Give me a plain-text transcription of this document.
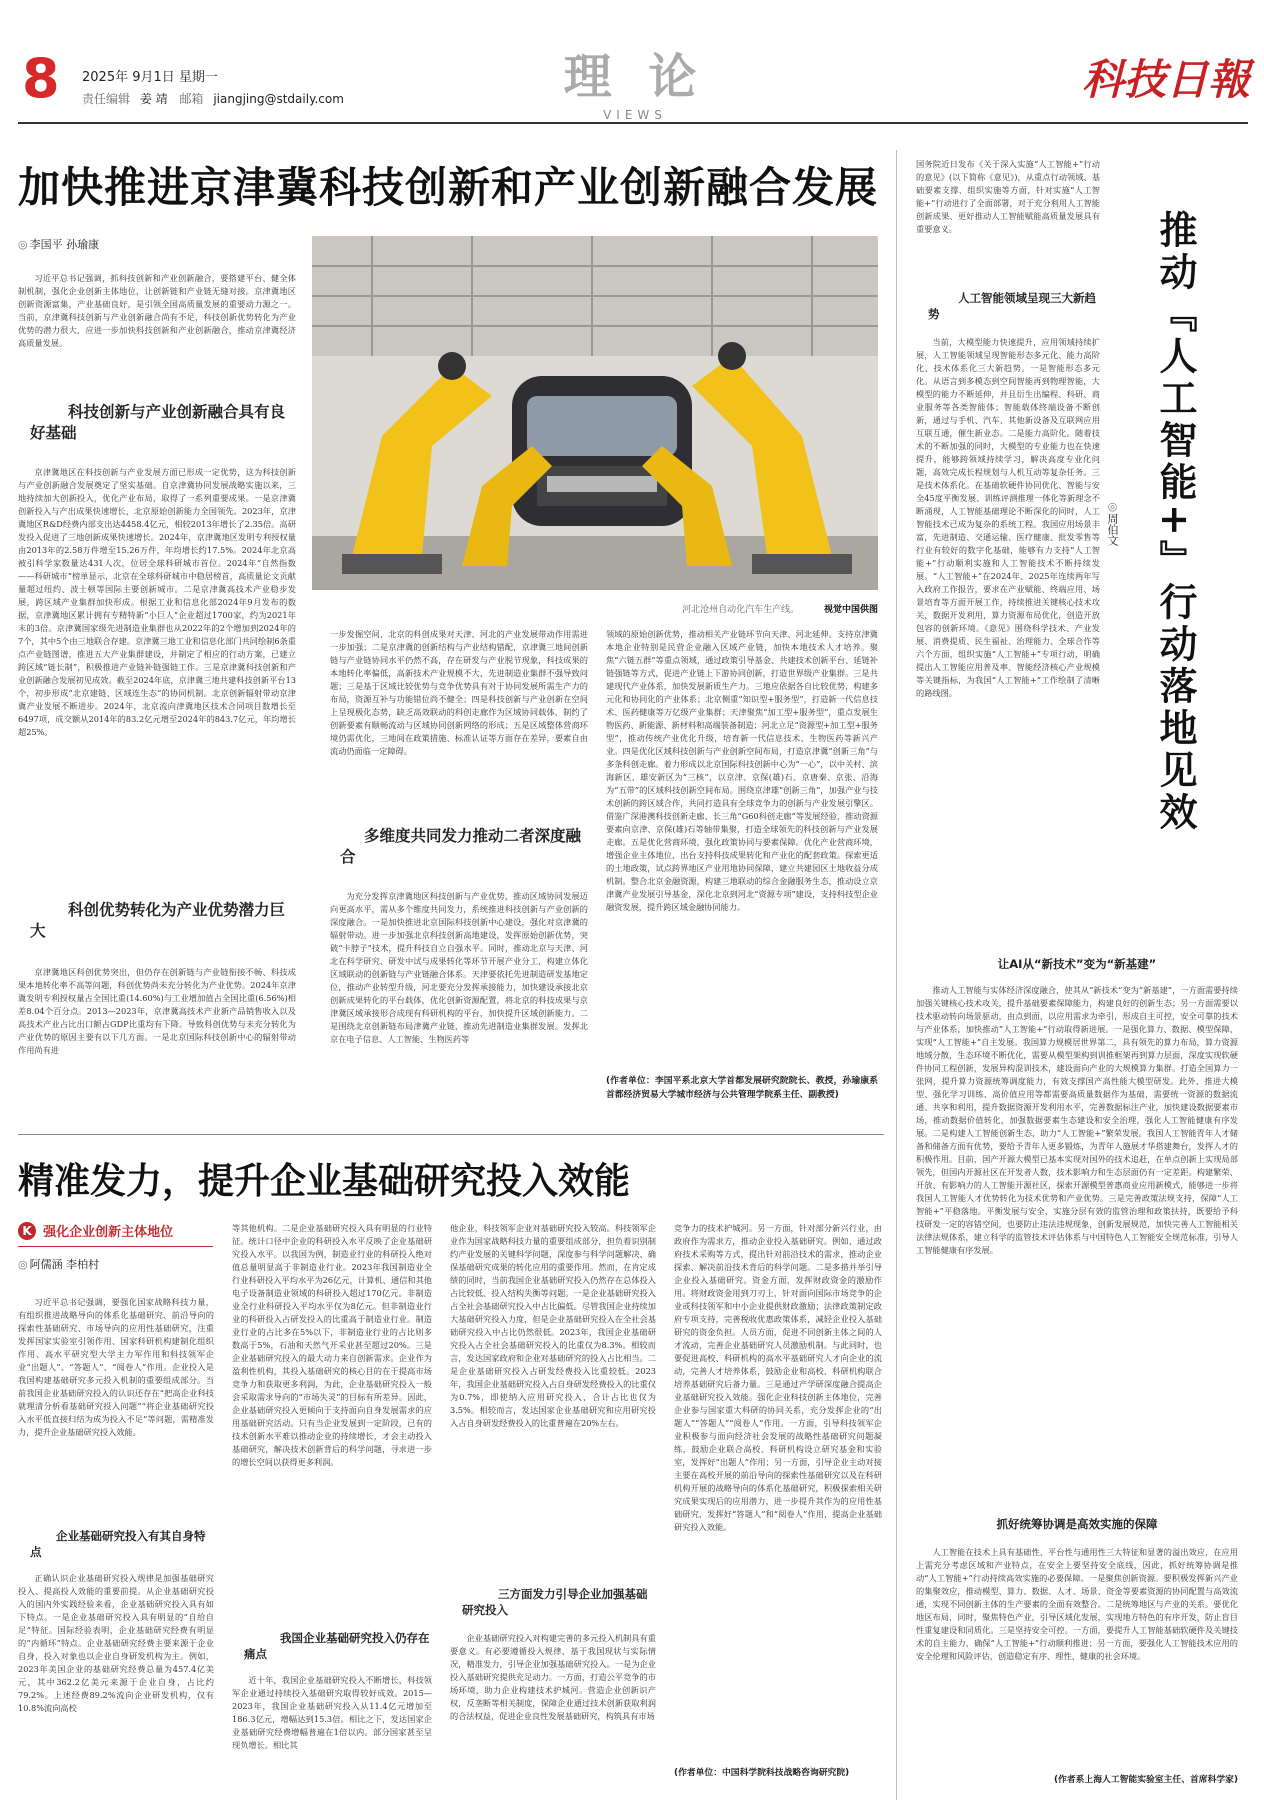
8 2025年 9月1日 星期一
责任编辑 姜 靖 邮箱 jiangjing@stdaily.com	理 论
VIEWS
科技日報
加快推进京津冀科技创新和产业创新融合发展
◎ 李国平 孙瑜康
河北沧州自动化汽车生产线。	视觉中国供图

习近平总书记强调，抓科技创新和产业创新融合，要搭建平台、健全体制机制，强化企业创新主体地位，让创新链和产业链无缝对接。京津冀地区创新资源富集，产业基础良好，是引领全国高质量发展的重要动力源之一。当前，京津冀科技创新与产业创新融合尚有不足，科技创新优势转化为产业优势的潜力很大，应进一步加快科技创新和产业创新融合，推动京津冀经济高质量发展。

科技创新与产业创新融合具有良好基础

京津冀地区在科技创新与产业发展方面已形成一定优势，这为科技创新与产业创新融合发展奠定了坚实基础。自京津冀协同发展战略实施以来，三地持续加大创新投入，优化产业布局，取得了一系列重要成果。一是京津冀创新投入与产出成果快速增长，北京原始创新能力全国领先。2023年，京津冀地区R&D经费内部支出达4458.4亿元，相较2013年增长了2.35倍。高研发投入促进了三地创新成果快速增长。2024年，京津冀地区发明专利授权量由2013年的2.58万件增至15.26万件，年均增长约17.5%。2024年北京高被引科学家数量达431人次，位居全球科研城市首位。2024年“自然指数——科研城市”榜单显示，北京在全球科研城市中稳居榜首，高质量论文贡献量超过纽约、波士顿等国际主要创新城市。二是京津冀高技术产业稳步发展，跨区域产业集群加快形成。根据工业和信息化部2024年9月发布的数据，京津冀地区累计拥有专精特新“小巨人”企业超过1700家，约为2021年末的3倍。京津冀国家级先进制造业集群也从2022年的2个增加到2024年的7个，其中5个由三地联合存建。京津冀三地工业和信息化部门共同绘制6条重点产业链图谱，推进五大产业集群建设，并制定了相应的行动方案，已建立跨区域“链长制”，积极推进产业链补链强链工作。三是京津冀科技创新和产业创新融合发展初见成效。截至2024年底，京津冀三地共建科技创新平台13个，初步形成“北京建链、区域连生态”的协同机制。北京创新辐射带动京津冀产业发展不断进步。2024年，北京流向津冀地区技术合同项目数增长至6497项，成交额从2014年的83.2亿元增至2024年的843.7亿元，年均增长超25%。

科创优势转化为产业优势潜力巨大

京津冀地区科创优势突出，但仍存在创新链与产业链衔接不畅、科技成果本地转化率不高等问题，科创优势尚未充分转化为产业优势。2024年京津冀发明专利授权量占全国比重(14.60%)与工业增加值占全国比重(6.56%)相差8.04个百分点。2013—2023年，京津冀高技术产业新产品销售收入以及高技术产业占比出口额占GDP比重均有下降。导致科创优势与未充分转化为产业优势的原因主要有以下几方面。一是北京国际科技创新中心的辐射带动作用尚有进

一步发掘空间，北京的科创成果对天津、河北的产业发展带动作用需进一步加强；二是京津冀的创新结构与产业结构错配，京津冀三地间创新链与产业链协同水平仍然不高，存在研发与产业脱节现象，科技成果的本地转化率偏低，高新技术产业规模不大，先进制造业集群不强导致问题；三是基于区域比较优势与竞争优势具有对于协同发展所需生产力的布局，资源互补与功能错位尚不健全；四是科技创新与产业创新在空间上呈现极化态势，缺乏高效联动的科创走廊作为区域协同载体，制约了创新要素有顺畅流动与区域协同创新网络的形成；五是区域整体营商环境仍需优化，三地间在政策措施、标准认证等方面存在差异，要素自由流动仍面临一定障碍。

多维度共同发力推动二者深度融合

为充分发挥京津冀地区科技创新与产业优势，推动区域协同发展迈向更高水平，需从多个维度共同发力，系统推进科技创新与产业创新的深度融合。一是加快推进北京国际科技创新中心建设，强化对京津冀的辐射带动。进一步加强北京科技创新高地建设，发挥原始创新优势，突破“卡脖子”技术，提升科技自立自强水平。同时，推动北京与天津、河北在科学研究、研发中试与成果转化等环节开展产业分工，构建立体化区域联动的创新链与产业链融合体系。天津要依托先进制造研发基地定位，推动产业转型升级，河北要充分发挥承接能力，加快建设承接北京创新成果转化的平台载体，优化创新资源配置，将北京的科技成果与京津冀区域承接形合成现有科研机构的平台，加快提升区域创新能力。二是围绕北京创新链布局津冀产业链，推动先进制造业集群发展。发挥北京在电子信息、人工智能、生物医药等

领域的原始创新优势，推动相关产业链环节向天津、河北延伸。支持京津冀本地企业特别是民营企业融入区域产业链，加快本地技术人才培养。聚焦“六链五群”等重点领域，通过政策引导基金、共建技术创新平台、延链补链强链等方式，促进产业链上下游协同创新，打造世界级产业集群。三是共建现代产业体系，加快发展新质生产力。三地应依据各自比较优势，构建多元化和协同化的产业体系；北京侧重“知识型+服务型”，打造新一代信息技术、医药健康等万亿级产业集群；天津聚焦“加工型+服务型”，重点发展生物医药、新能源、新材料和高端装备制造；河北立足“资源型+加工型+服务型”，推动传统产业优化升级，培育新一代信息技术、生物医药等新兴产业。四是优化区域科技创新与产业创新空间布局，打造京津冀“创新三角”与多条科创走廊。着力形成以北京国际科技创新中心为“一心”，以中关村、滨海新区、雄安新区为“三核”，以京津、京保(雄)石、京唐秦、京张、沿海为“五带”的区域科技创新空间布局。围绕京津雄“创新三角”，加强产业与技术创新的跨区域合作，共同打造具有全球竞争力的创新与产业发展引擎区。借鉴广深港澳科技创新走廊、长三角“G60科创走廊”等发展经验，推动资源要素向京津、京保(雄)石等轴带集聚，打造全球领先的科技创新与产业发展走廊。五是优化营商环境，强化政策协同与要素保障。优化产业营商环境，增强企业主体地位，出台支持科技成果转化和产业化的配套政策。探索更适的土地政策，试点跨界地区产业用地协同保障，建立共建园区土地收益分成机制。整合北京金融资源，构建三地联动的综合金融服务生态，推动设立京津冀产业发展引导基金，深化北京到河北“资源专项”建设，支持科技型企业融资发展，提升跨区域金融协同能力。

(作者单位：李国平系北京大学首都发展研究院院长、教授，孙瑜康系首都经济贸易大学城市经济与公共管理学院系主任、副教授)
精准发力，提升企业基础研究投入效能
K 强化企业创新主体地位
◎ 阿儒涵 李柏村

习近平总书记强调，要强化国家战略科技力量，有组织推进战略导向的体系化基础研究、前沿导向的探索性基础研究、市场导向的应用性基础研究，注重发挥国家实验室引领作用、国家科研机构建制化组织作用、高水平研究型大学主力军作用和科技领军企业“出题人”、“答题人”、“阅卷人”作用。企业投入是我国构建基础研究多元投入机制的重要组成部分。当前我国企业基础研究投入的认识还存在“把高企业科技就理清分析看基础研究投入问题”“将企业基础研究投入水平低直接归结为成为投入不足”等问题，需精准发力，提升企业基础研究投入效能。

企业基础研究投入有其自身特点

正确认识企业基础研究投入规律是加强基础研究投入、提高投入效能的重要前提。从企业基础研究投入的国内外实践经验来看，企业基础研究投入具有如下特点。一是企业基础研究投入具有明显的“自给自足”特征。国际经验表明，企业基础研究经费有明显的“内循环”特点。企业基础研究经费主要来源于企业自身，投入对象也以企业自身研发机构为主。例如，2023年美国企业的基础研究经费总量为457.4亿美元，其中362.2亿美元来源于企业自身，占比约79.2%。上述经费89.2%流向企业研发机构，仅有10.8%流向高校

等其他机构。二是企业基础研究投入具有明显的行业特征。统计口径中企业的科研投入水平反映了企业基础研究投入水平。以我国为例，制造业行业的科研投入绝对值总量明显高于非制造业行业。2023年我国制造业全行业科研投入平均水平为26亿元，计算机、通信和其他电子设备制造业领域的科研投入超过170亿元。非制造业全行业科研投入平均水平仅为8亿元。但非制造业行业的科研投入占研发投入的比重高于制造业行业。制造业行业的占比多在5%以下，非制造业行业的占比则多数高于5%，石油和天然气开采业甚至超过20%。三是企业基础研究投入的最大动力来自创新需求。企业作为盈利性机构，其投入基础研究的核心目的在于提高市场竞争力和获取更多利润，为此，企业基础研究投入一般会采取需求导向的“市场失灵”的目标有所差异。因此，企业基础研究投入更倾向于支持面向自身发展需求的应用基础研究活动。只有当企业发展到一定阶段，已有的技术创新水平难以推动企业的持续增长，才会主动投入基础研究，解决技术创新背后的科学问题，寻求进一步的增长空间以获得更多利润。

我国企业基础研究投入仍存在痛点

近十年，我国企业基础研究投入不断增长，科技领军企业通过持续投入基础研究取得较好成效。2015—2023年，我国企业基础研究投入从11.4亿元增加至186.3亿元，增幅达到15.3倍。相比之下，发达国家企业基础研究经费增幅普遍在1倍以内。部分国家甚至呈现负增长。相比其

他企业，科技领军企业对基础研究投入较高。科技领军企业作为国家战略科技力量的重要组成部分，担负着识别制约产业发展的关键科学问题，深度参与科学问题解决、确保基础研究成果的转化应用的重要作用。然而，在肯定成绩的同时，当前我国企业基础研究投入仍然存在总体投入占比较低、投入结构失衡等问题。一是企业基础研究投入占全社会基础研究投入中占比偏低。尽管我国企业持续加大基础研究投入力度，但是企业基础研究投入在全社会基础研究投入中占比仍然很低。2023年，我国企业基础研究投入占全社会基础研究投入的比重仅为8.3%。相较而言，发达国家政府和企业对基础研究的投入占比相当。二是企业基础研究投入占研发经费投入比重较低。2023年，我国企业基础研究投入占自身研发经费投入的比重仅为0.7%，即使纳入应用研究投入，合计占比也仅为3.5%。相较而言，发达国家企业基础研究和应用研究投入占自身研发经费投入的比重普遍在20%左右。

三方面发力引导企业加强基础研究投入

企业基础研究投入对构建完善的多元投入机制具有重要意义。有必要遵循投入规律、基于我国现状与实际情况，精准发力，引导企业加强基础研究投入。一是为企业投入基础研究提供充足动力。一方面，打造公平竞争的市场环境，助力企业构建技术护城河。营造企业创新识产权，反垄断等相关制度，保障企业通过技术创新获取利润的合法权益，促进企业良性发展基础研究，构筑具有市场

竞争力的技术护城河。另一方面，针对部分新兴行业，由政府作为需求方，推动企业投入基础研究。例如，通过政府技术采购等方式，提出针对前沿技术的需求，推动企业探索、解决前沿技术背后的科学问题。二是多措并举引导企业投入基础研究。资金方面，发挥财政资金的激励作用。将财政资金用到刀刃上，针对面向国际市场竞争的企业或科技领军和中小企业提供财政激励；法律政策制定政府专项支持，完善税收优惠政策体系，减轻企业投入基础研究的资金负担。人员方面，促进不同创新主体之间的人才流动，完善企业基础研究人员激励机制。与此同时，也要促进高校、科研机构的高水平基础研究人才向企业的流动，完善人才培养体系，鼓励企业和高校、科研机构联合培养基础研究后备力量。三是通过产学研深度融合提高企业基础研究投入效能。强化企业科技创新主体地位，完善企业参与国家重大科研的协同关系，充分发挥企业的“出题人”“答题人”“阅卷人”作用。一方面，引导科技领军企业积极参与面向经济社会发展的战略性基础研究问题凝练，鼓励企业联合高校、科研机构设立研究基金和实验室，发挥好“出题人”作用；另一方面，引导企业主动对接主要在高校开展的前沿导向的探索性基础研究以及在科研机构开展的战略导向的体系化基础研究，积极探索相关研究成果实现后的应用潜力，进一步提升其作为的应用性基础研究，发挥好“答题人”和“阅卷人”作用，提高企业基础研究投入效能。

(作者单位：中国科学院科技战略咨询研究院)

国务院近日发布《关于深入实施“人工智能+”行动的意见》(以下简称《意见》)，从重点行动领域、基础要素支撑、组织实施等方面，针对实施“人工智能+”行动进行了全面部署，对于充分利用人工智能创新成果、更好推动人工智能赋能高质量发展具有重要意义。	推动『人工智能+』行动落地见效
◎周伯文
人工智能领域呈现三大新趋势

当前，大模型能力快速提升，应用领域持续扩展，人工智能领域呈现智能形态多元化、能力高阶化、技术体系化三大新趋势。一是智能形态多元化。从语言到多模态到空间智能再到物理智能，大模型的能力不断延伸，并且衍生出编程、科研、商业服务等各类智能体；智能载体终端设备不断创新，通过与手机、汽车、其他新设备及互联网应用互联互通，催生新业态。二是能力高阶化。随着技术的不断加强的同时，大模型的专业能力也在快速提升，能够跨领域持续学习，解决高度专业化问题，高效完成长程规划与人机互动等复杂任务。三是技术体系化。在基础软硬件协同优化、智能与安全45度平衡发展、训练评测推理一体化等新理念不断涌现，人工智能基础理论不断深化的同时，人工智能技术已成为复杂的系统工程。我国应用场景丰富，先进制造、交通运输、医疗健康、批发零售等行业有较好的数字化基础，能够有力支持“人工智能+”行动顺利实施和人工智能技术不断持续发展。“人工智能+”在2024年、2025年连续两年写入政府工作报告，要求在产业赋能、终端应用、场景培育等方面开展工作，持续推进关键核心技术攻关，数据开发利用，算力资源布局优化，创造开放包容的创新环境。《意见》围绕科学技术、产业发展、消费提质、民生福祉、治理能力、全球合作等六个方面，组织实施“人工智能+”专项行动，明确提出人工智能应用普及率、智能经济核心产业规模等关键指标，为我国“人工智能+”工作绘制了清晰的路线图。

让AI从“新技术”变为“新基建”

推动人工智能与实体经济深度融合，使其从“新技术”变为“新基建”，一方面需要持续加强关键核心技术攻关，提升基础要素保障能力，构建良好的创新生态；另一方面需要以技术驱动转向场景驱动，由点到面，以应用需求为牵引，形成自主可控，安全可靠的技术与产业体系，加快推动“人工智能+”行动取得新进展。一是强化算力、数据、模型保障，实现“人工智能+”自主发展。我国算力规模居世界第二，具有领先的算力布局，算力资源地域分散，生态环境不断优化，需要从模型架构到训推框架再到算力层面，深度实现软硬件协同工程创新，发展异构混训技术，建设面向产业的大规模算力集群。打造全国算力一张网，提升算力资源统筹调度能力，有效支撑国产高性能大模型研发。此外，推进大模型、强化学习训练、高价值应用等都需要高质量数据作为基础，需要统一资源的数据流通、共享和利用，提升数据资源开发利用水平，完善数据标注产业，加快建设数据要素市场，推动数据价值转化，加强数据要素生态建设和安全治理，强化人工智能健康有序发展。二是构建人工智能创新生态，助力“人工智能+”繁荣发展。我国人工智能青年人才储备和储备方面有优势，要给予青年人更多锻炼，为青年人施展才华搭建舞台，发挥人才的积极作用。目前，国产开源大模型已基本实现对国外的技术追赶，在单点创新上实现局部领先，但国内开源社区在开发者人数，技术影响力和生态层面仍有一定差距。构建繁荣、开放、有影响力的人工智能开源社区，探索开源模型普惠商业应用新模式，能够进一步将我国人工智能人才优势转化为技术优势和产业优势。三是完善政策法规支持，保障“人工智能+”平稳落地。平衡发展与安全，实施分层有效的监管治理和政策扶持，既要给予科技研发一定的容错空间，也要防止违法违规现象，创新发展规范，加快完善人工智能相关法律法规体系，建立科学的监管技术评估体系与中国特色人工智能安全规范标准，引导人工智能健康有序发展。

抓好统筹协调是高效实施的保障

人工智能在技术上具有基础性、平台性与通用性三大特征和显著的溢出效应，在应用上需充分考虑区域和产业特点，在安全上要坚持安全底线，因此，抓好统筹协调是推动“人工智能+”行动持续高效实施的必要保障。一是聚焦创新资源。要积极发挥新兴产业的集聚效应，推动模型、算力、数据、人才、场景、资金等要素资源的协同配置与高效流通，实现不同创新主体的生产要素的全面有效整合。二是统筹地区与产业的关系。要优化地区布局，同时，聚焦特色产业，引导区域化发展，实现地方特色的有序开发，防止盲目性重复建设和同质化。三是坚持安全可控。一方面，要提升人工智能基础软硬件及关键技术的自主能力，确保“人工智能+”行动顺利推进；另一方面，要强化人工智能技术应用的安全伦理和风险评估，创造稳定有序、理性、健康的社会环境。

(作者系上海人工智能实验室主任、首席科学家)
